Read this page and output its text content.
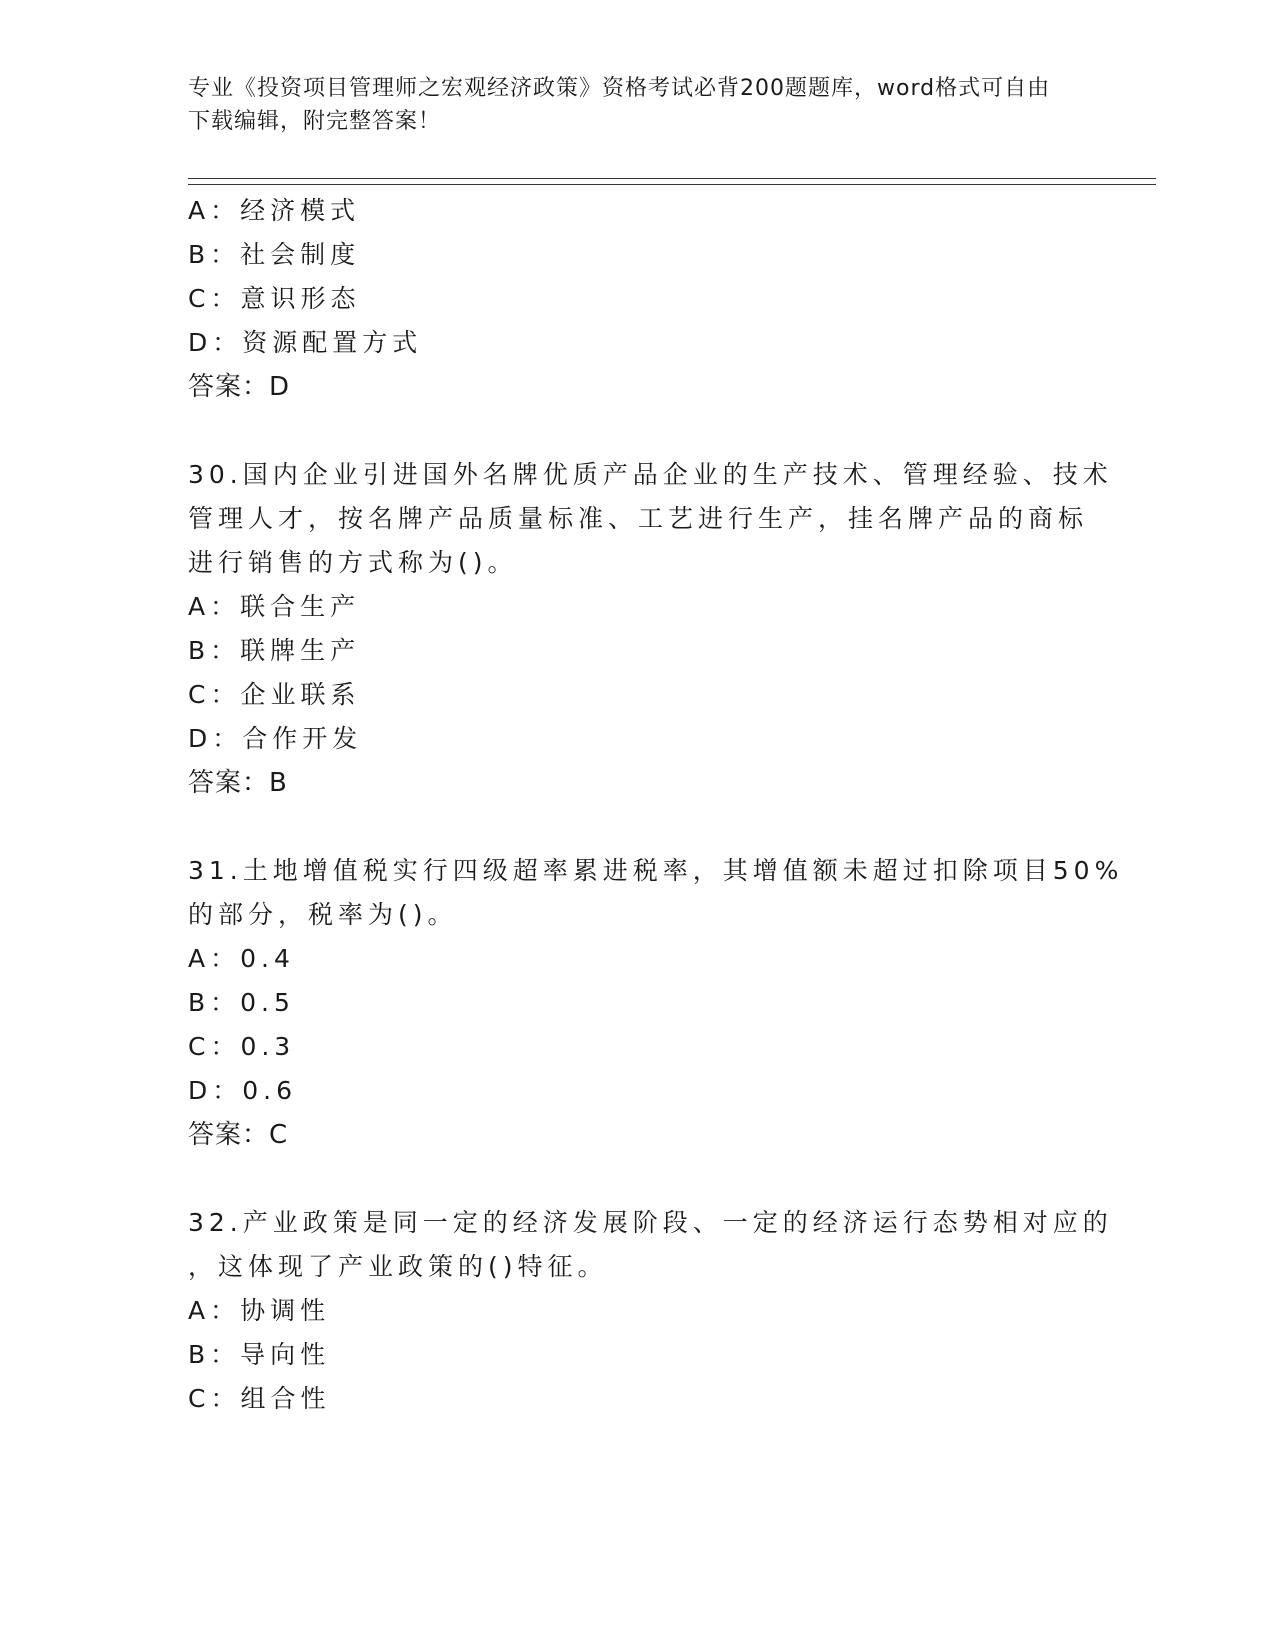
专业《投资项目管理师之宏观经济政策》资格考试必背200题题库，word格式可自由下载编辑，附完整答案！
A：经济模式
B：社会制度
C：意识形态
D：资源配置方式
答案：D
30.国内企业引进国外名牌优质产品企业的生产技术、管理经验、技术
管理人才，按名牌产品质量标准、工艺进行生产，挂名牌产品的商标
进行销售的方式称为()。
A：联合生产
B：联牌生产
C：企业联系
D：合作开发
答案：B
31.土地增值税实行四级超率累进税率，其增值额未超过扣除项目50%
的部分，税率为()。
A：0.4
B：0.5
C：0.3
D：0.6
答案：C
32.产业政策是同一定的经济发展阶段、一定的经济运行态势相对应的
，这体现了产业政策的()特征。
A：协调性
B：导向性
C：组合性
